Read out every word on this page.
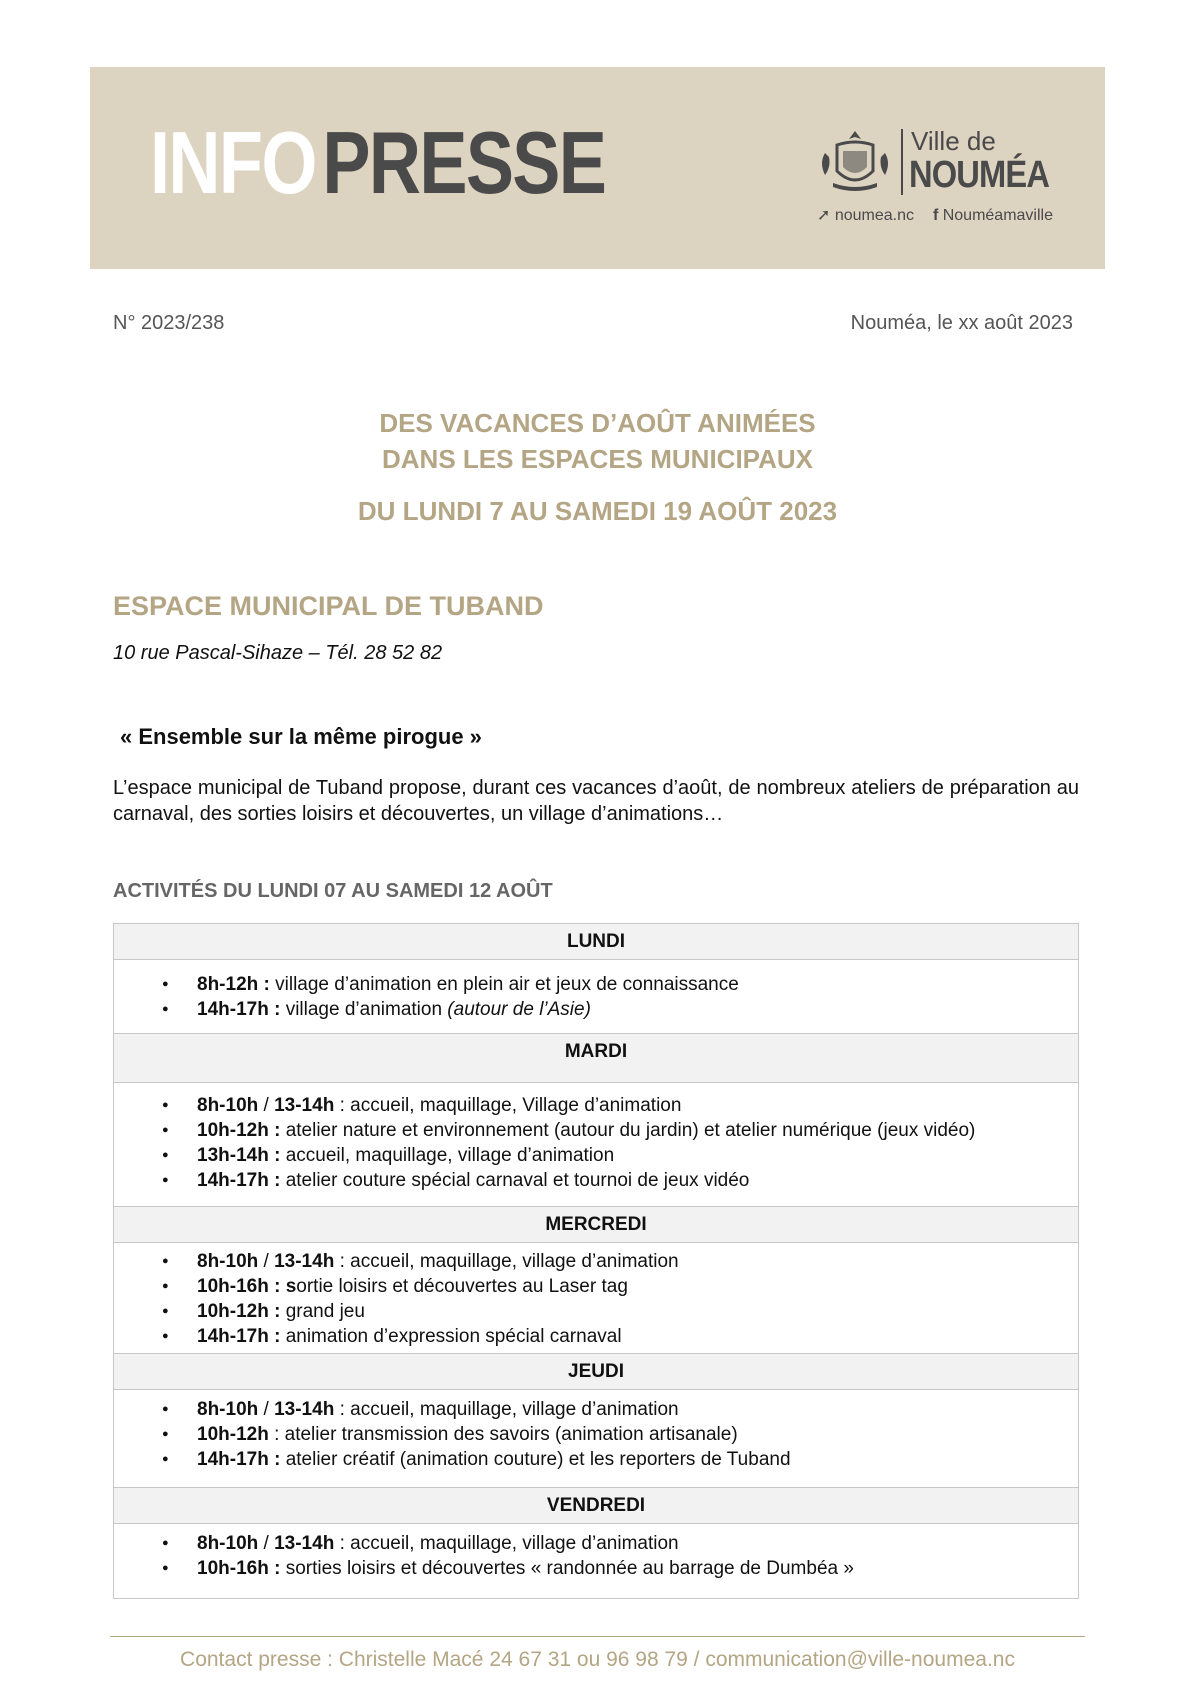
INFOPRESSE	Ville de
NOUMÉA
➚ noumea.nc f Nouméamaville
N° 2023/238	Nouméa, le xx août 2023
DES VACANCES D’AOÛT ANIMÉES
DANS LES ESPACES MUNICIPAUX
DU LUNDI 7 AU SAMEDI 19 AOÛT 2023
ESPACE MUNICIPAL DE TUBAND
10 rue Pascal-Sihaze – Tél. 28 52 82
« Ensemble sur la même pirogue »
L’espace municipal de Tuband propose, durant ces vacances d’août, de nombreux ateliers de préparation au carnaval, des sorties loisirs et découvertes, un village d’animations…
ACTIVITÉS DU LUNDI 07 AU SAMEDI 12 AOÛT
LUNDI
● 8h-12h : village d’animation en plein air et jeux de connaissance
● 14h-17h : village d’animation (autour de l’Asie)
MARDI
● 8h-10h / 13-14h : accueil, maquillage, Village d’animation
● 10h-12h : atelier nature et environnement (autour du jardin) et atelier numérique (jeux vidéo)
● 13h-14h : accueil, maquillage, village d’animation
● 14h-17h : atelier couture spécial carnaval et tournoi de jeux vidéo
MERCREDI
● 8h-10h / 13-14h : accueil, maquillage, village d’animation
● 10h-16h : sortie loisirs et découvertes au Laser tag
● 10h-12h : grand jeu
● 14h-17h : animation d’expression spécial carnaval
JEUDI
● 8h-10h / 13-14h : accueil, maquillage, village d’animation
● 10h-12h : atelier transmission des savoirs (animation artisanale)
● 14h-17h : atelier créatif (animation couture) et les reporters de Tuband
VENDREDI
● 8h-10h / 13-14h : accueil, maquillage, village d’animation
● 10h-16h : sorties loisirs et découvertes « randonnée au barrage de Dumbéa »
Contact presse : Christelle Macé 24 67 31 ou 96 98 79 / communication@ville-noumea.nc
